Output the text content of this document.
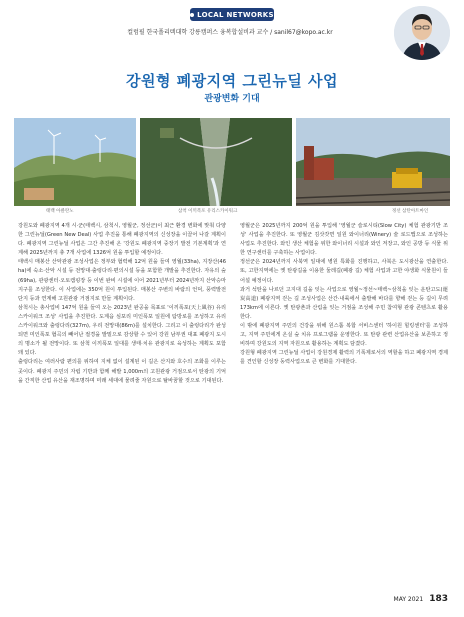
LOCAL NETWORKS
컬럼필 한국폴리텍대학 강릉캠퍼스 융복합설비과 교수 / sanil67@kopo.ac.kr
강원형 폐광지역 그린뉴딜 사업
관광변화 기대
태백 아클란노	삼척 이끼폭포 유리스카이워크	정선 삼탄아트마인

강원도와 폐광지역 4개 시·군(태백시, 삼척시, 영월군, 정선군)이 최근 환경 변화에 맞춰 다양한 그린뉴딜(Green New Deal) 사업 추진을 통해 폐광지역의 신성장을 이끌어 나갈 계획이다. 폐광지역 그린뉴딜 사업은 그간 추진해 온 '강원도 폐광지역 중장기 발전 기본계획'과 연계해 2025년까지 총 7개 사업에 1326억 원을 투입할 예정이다.

태백시 매봉산 산악관광 조성사업은 정부와 협력해 12억 원을 들여 영월(33ha), 지장산(46ha)에 숙소·산악 시설 등 전망대·출렁다리·편의시설 등을 포함한 개발을 추진한다. 자유의 숲(69ha), 관광센터·오토캠핑장 등 이번 완비 시설에 이어 2021년부터 2024년까지 산악승마 지구를 조성한다. 이 사업에는 350억 원이 투입된다. 매봉산 주변의 바람의 언덕, 풍력발전단지 등과 연계해 고원관광 거점지로 만들 계획이다.

삼척시는 총사업비 147억 원을 들여 오는 2023년 완공을 목표로 '이끼폭포(天上風谷) 유리스카이워크 조성' 사업을 추진한다. 도계읍 심포리 미인폭포 일원에 탐방로를 조성하고 유리스카이워크와 출렁다리(327m), 우리 전망대(86m)를 설치한다. 그리고 이 출렁다리가 완성되면 미인폭포 협곡의 빼어난 절경을 발밑으로 감상할 수 있어 강원 남부권 대표 폐광지 도시의 명소가 될 전망이다. 또 삼척 이끼폭포 일대를 생태·치유 관광지로 육성하는 계획도 포함돼 있다.

출렁다리는 여러사람 편의를 위하여 지체 없이 설계된 이 길은 산지와 호수의 조화를 이루는 곳이다. 폐광지 주민의 자립 기반과 함께 해발 1,000m의 고원관광 거점으로서 탄광의 기억을 간직한 산업 유산을 재조명하며 미래 세대에 물려줄 자원으로 탈바꿈할 것으로 기대된다.

영월군은 2025년까지 200억 원을 투입해 '영월군 슬로시티(Slow City) 체험 관광기반 조성' 사업을 추진한다. 또 영월군 김삿갓면 일원 와이너리(Winery) 술 로드맵으로 조성하는 사업도 추진한다. 와인 생산 체험을 위한 와이너리 시설과 와인 저장고, 와인 공방 등 식물 위한 연구센터를 구축하는 사업이다.

정선군은 2024년까지 사북역 일대에 병원 특화를 진행하고, 사북은 도시광산을 연출한다. 또, 고한지역에는 옛 탄광길을 이용한 둘레길(폐광 길) 체험 사업과 고한 야생화 식물원이 들어설 예정이다.

과거 석탄을 나르던 고지대 길을 잇는 사업으로 영월~정선~태백~삼척을 잇는 운탄고도(運炭高道) 폐광지역 걷는 길 조성사업은 산간·내륙에서 출발해 바다를 향해 걷는 등 길이 무려 173km에 이른다. 옛 탄광촌과 산림을 잇는 거점을 조성해 주민 참여형 관광 콘텐츠로 활용한다.

이 밖에 폐광지역 주민의 건강을 위해 원스톱 복합 서비스센터 '하이원 힐링센터'를 조성하고, 지역 주민에게 온실 숲 치유 프로그램을 운영한다. 또 탄광 관련 산업유산을 보존하고 정비하며 강원도의 지역 자원으로 활용하는 계획도 담겼다.

강원형 폐광지역 그린뉴딜 사업이 강원경제 활력의 기폭제로서의 역할을 하고 폐광지역 경제를 견인할 신성장 동력사업으로 큰 변화를 기대한다.

MAY 2021 183
